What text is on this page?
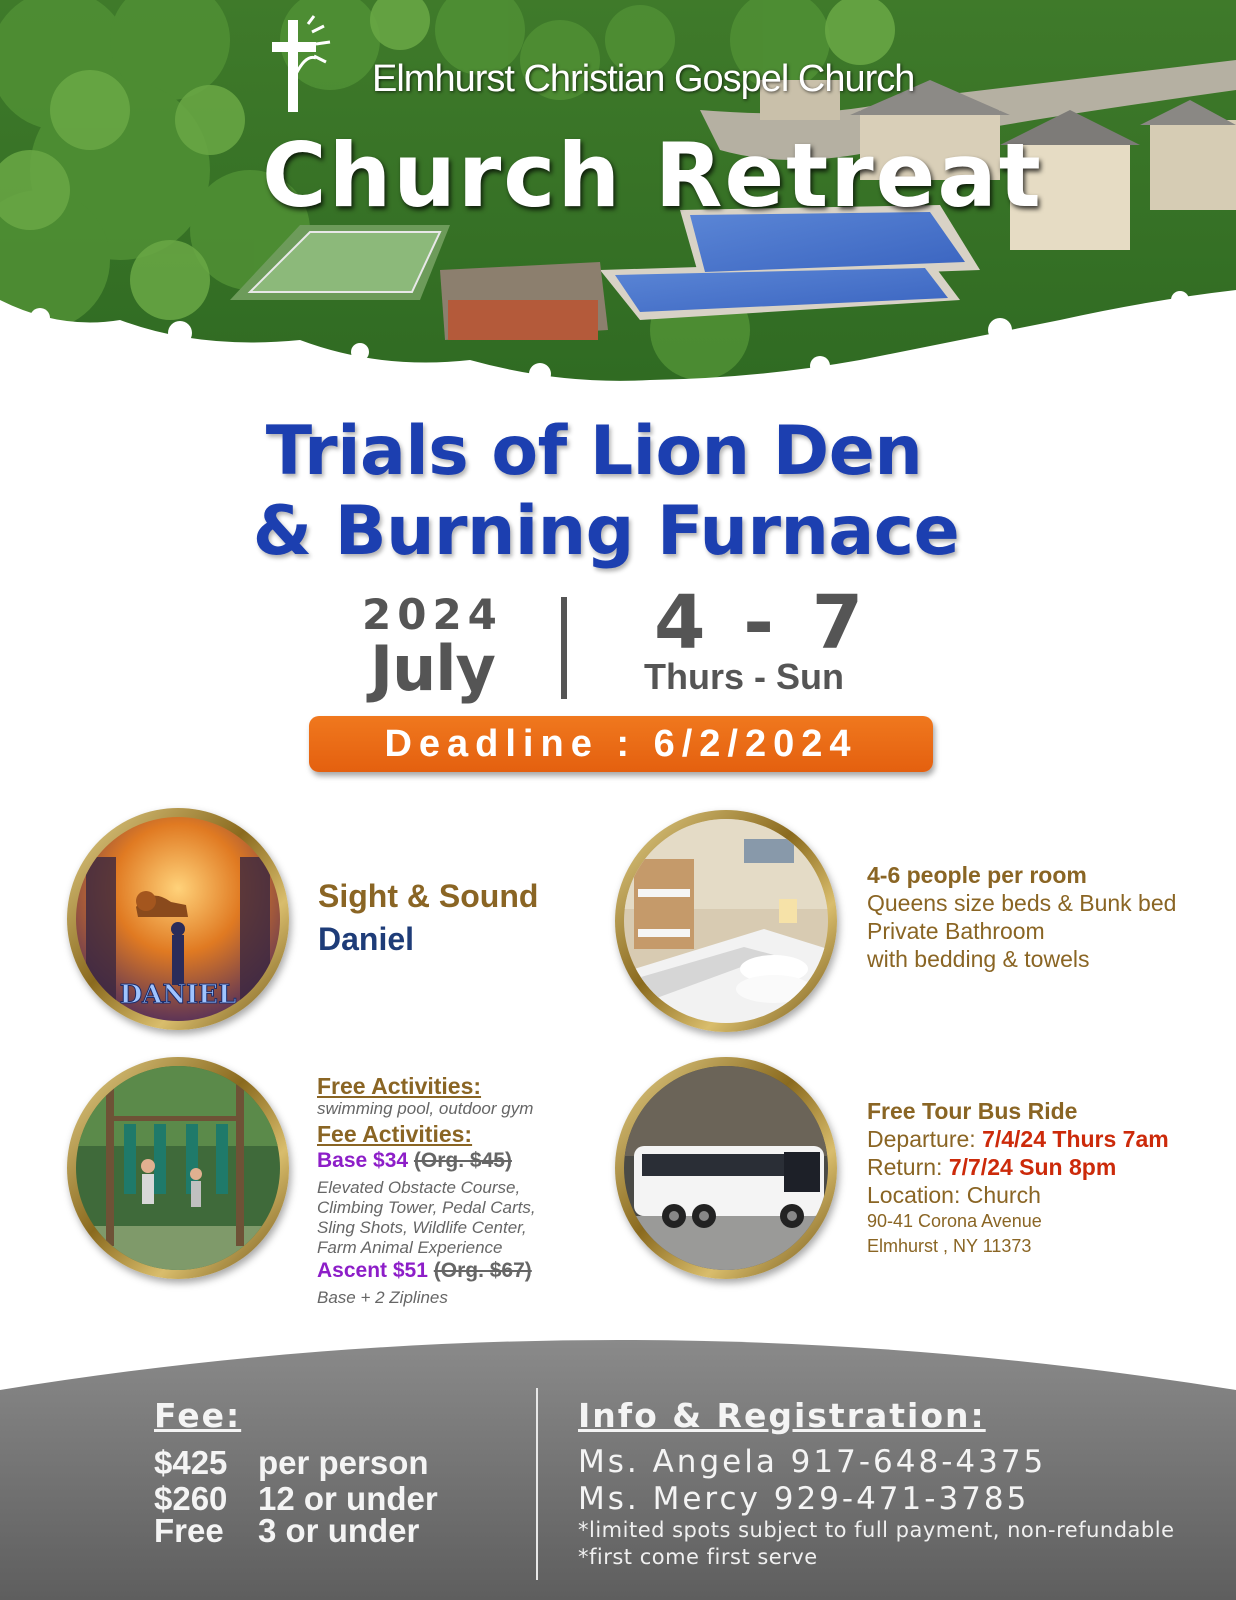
Elmhurst Christian Gospel Church
Church Retreat
Trials of Lion Den
& Burning Furnace
2024
July
4 - 7
Thurs - Sun
Deadline : 6/2/2024
DANIEL
Sight & Sound
Daniel
4-6 people per room
Queens size beds & Bunk bed
Private Bathroom
with bedding & towels
Free Activities:
swimming pool, outdoor gym
Fee Activities:
Base $34 (Org. $45)
Elevated Obstacte Course,
Climbing Tower, Pedal Carts,
Sling Shots, Wildlife Center,
Farm Animal Experience
Ascent $51 (Org. $67)
Base + 2 Ziplines
Free Tour Bus Ride
Departure: 7/4/24 Thurs 7am
Return: 7/7/24 Sun 8pm
Location: Church
90-41 Corona Avenue
Elmhurst , NY 11373
Fee:
$425 per person
$260 12 or under
Free 3 or under
Info & Registration:
Ms. Angela 917-648-4375
Ms. Mercy 929-471-3785
*limited spots subject to full payment, non-refundable
*first come first serve
